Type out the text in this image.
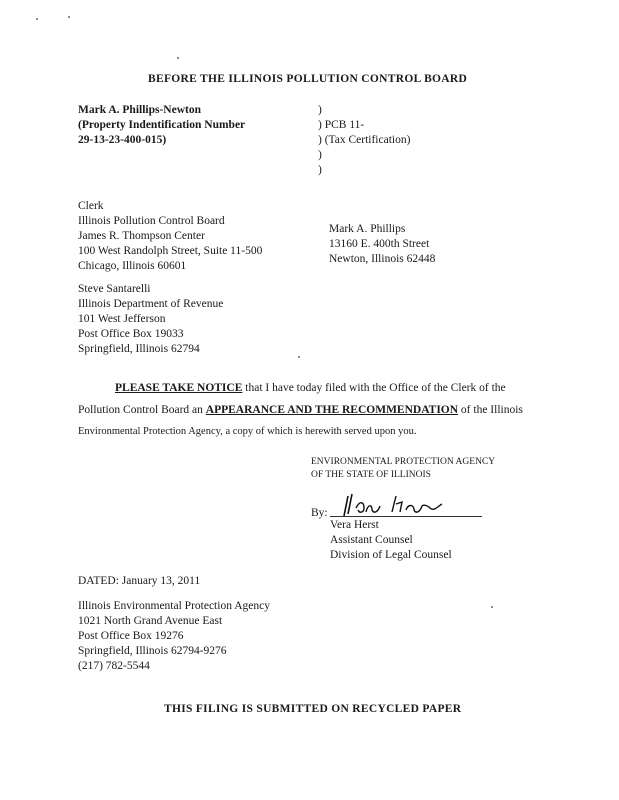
BEFORE THE ILLINOIS POLLUTION CONTROL BOARD
Mark A. Phillips-Newton
(Property Indentification Number
29-13-23-400-015)
)
) PCB 11-
) (Tax Certification)
)
)
Clerk
Illinois Pollution Control Board
James R. Thompson Center
100 West Randolph Street, Suite 11-500
Chicago, Illinois 60601
Mark A. Phillips
13160 E. 400th Street
Newton, Illinois 62448
Steve Santarelli
Illinois Department of Revenue
101 West Jefferson
Post Office Box 19033
Springfield, Illinois 62794
PLEASE TAKE NOTICE that I have today filed with the Office of the Clerk of the
Pollution Control Board an APPEARANCE AND THE RECOMMENDATION of the Illinois
Environmental Protection Agency, a copy of which is herewith served upon you.
ENVIRONMENTAL PROTECTION AGENCY
OF THE STATE OF ILLINOIS
By:
Vera Herst
Assistant Counsel
Division of Legal Counsel
DATED: January 13, 2011
Illinois Environmental Protection Agency
1021 North Grand Avenue East
Post Office Box 19276
Springfield, Illinois 62794-9276
(217) 782-5544
THIS FILING IS SUBMITTED ON RECYCLED PAPER
